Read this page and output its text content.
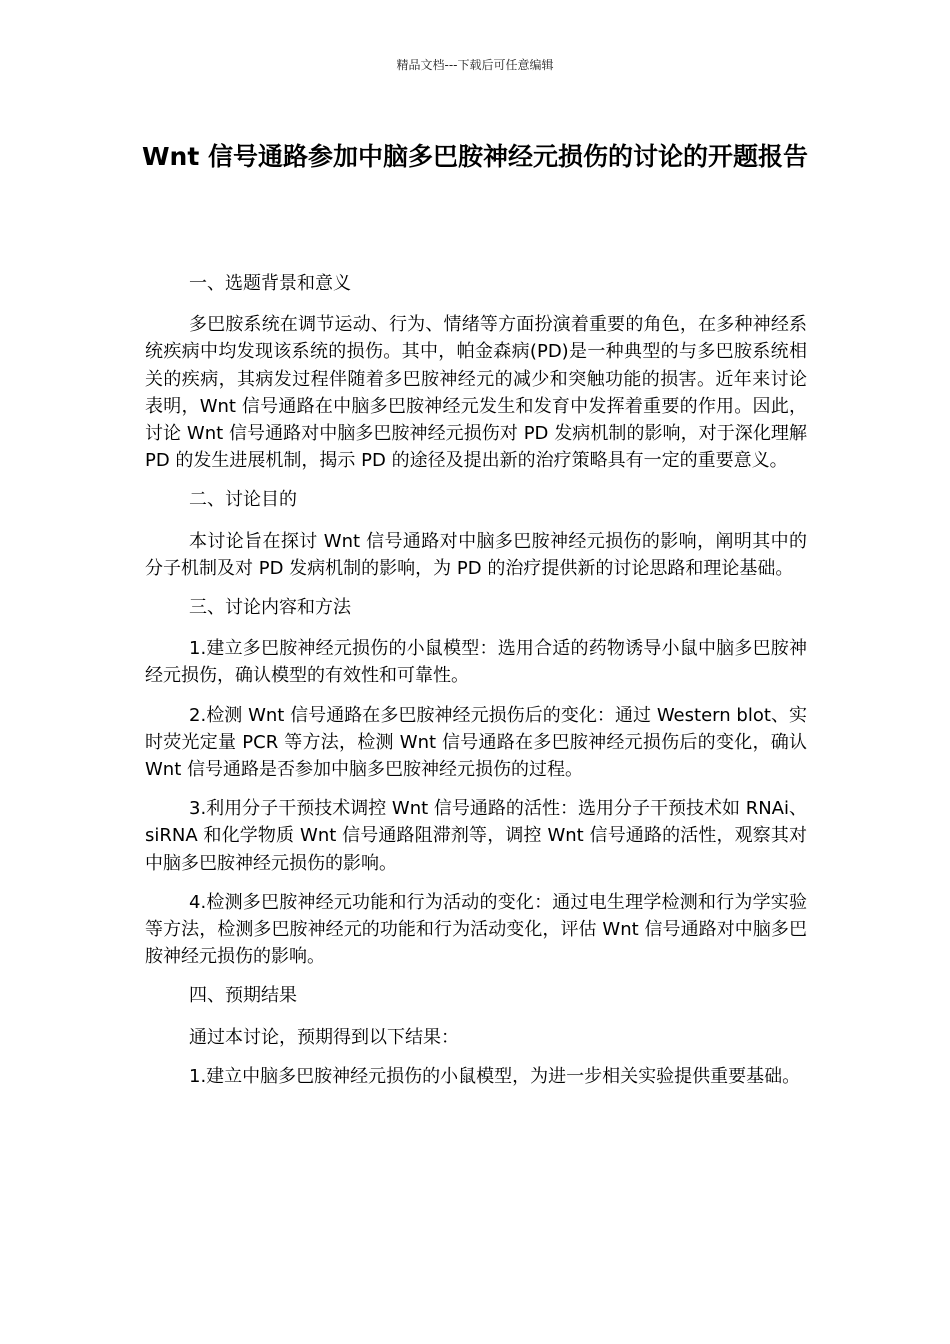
精品文档---下载后可任意编辑
Wnt 信号通路参加中脑多巴胺神经元损伤的讨论的开题报告

一、选题背景和意义

多巴胺系统在调节运动、行为、情绪等方面扮演着重要的角色，在多种神经系统疾病中均发现该系统的损伤。其中，帕金森病(PD)是一种典型的与多巴胺系统相关的疾病，其病发过程伴随着多巴胺神经元的减少和突触功能的损害。近年来讨论表明，Wnt 信号通路在中脑多巴胺神经元发生和发育中发挥着重要的作用。因此，讨论 Wnt 信号通路对中脑多巴胺神经元损伤对 PD 发病机制的影响，对于深化理解 PD 的发生进展机制，揭示 PD 的途径及提出新的治疗策略具有一定的重要意义。

二、讨论目的

本讨论旨在探讨 Wnt 信号通路对中脑多巴胺神经元损伤的影响，阐明其中的分子机制及对 PD 发病机制的影响，为 PD 的治疗提供新的讨论思路和理论基础。

三、讨论内容和方法

1.建立多巴胺神经元损伤的小鼠模型：选用合适的药物诱导小鼠中脑多巴胺神经元损伤，确认模型的有效性和可靠性。

2.检测 Wnt 信号通路在多巴胺神经元损伤后的变化：通过 Western blot、实时荧光定量 PCR 等方法，检测 Wnt 信号通路在多巴胺神经元损伤后的变化，确认 Wnt 信号通路是否参加中脑多巴胺神经元损伤的过程。

3.利用分子干预技术调控 Wnt 信号通路的活性：选用分子干预技术如 RNAi、siRNA 和化学物质 Wnt 信号通路阻滞剂等，调控 Wnt 信号通路的活性，观察其对中脑多巴胺神经元损伤的影响。

4.检测多巴胺神经元功能和行为活动的变化：通过电生理学检测和行为学实验等方法，检测多巴胺神经元的功能和行为活动变化，评估 Wnt 信号通路对中脑多巴胺神经元损伤的影响。

四、预期结果

通过本讨论，预期得到以下结果：

1.建立中脑多巴胺神经元损伤的小鼠模型，为进一步相关实验提供重要基础。
